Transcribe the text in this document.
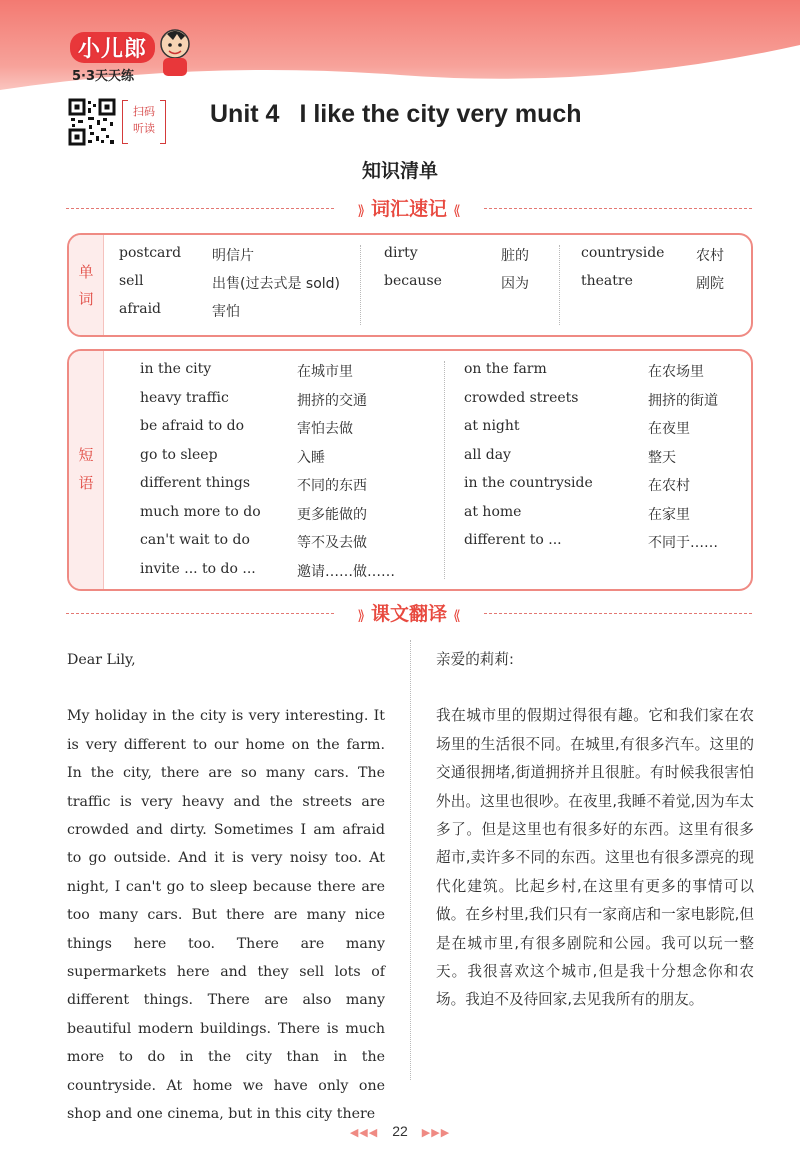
小儿郎
5·3天天练
扫码
听读
Unit 4 I like the city very much
知识清单
⟫ 词汇速记 ⟪
单
词
postcard 明信片
sell	出售(过去式是 sold)
afraid	害怕
dirty	脏的
because	因为
countryside 农村
theatre	剧院
短
语
in the city	在城市里
heavy traffic	拥挤的交通
be afraid to do	害怕去做
go to sleep	入睡
different things	不同的东西
much more to do	更多能做的
can't wait to do	等不及去做
invite ... to do ...	邀请……做……
on the farm	在农场里
crowded streets	拥挤的街道
at night	在夜里
all day	整天
in the countryside	在农村
at home	在家里
different to ...	不同于……
⟫ 课文翻译 ⟪
Dear Lily,
My holiday in the city is very interesting. It is very different to our home on the farm. In the city, there are so many cars. The traffic is very heavy and the streets are crowded and dirty. Sometimes I am afraid to go outside. And it is very noisy too. At night, I can't go to sleep because there are too many cars. But there are many nice things here too. There are many supermarkets here and they sell lots of different things. There are also many beautiful modern buildings. There is much more to do in the city than in the countryside. At home we have only one shop and one cinema, but in this city there
亲爱的莉莉:
我在城市里的假期过得很有趣。它和我们家在农场里的生活很不同。在城里,有很多汽车。这里的交通很拥堵,街道拥挤并且很脏。有时候我很害怕外出。这里也很吵。在夜里,我睡不着觉,因为车太多了。但是这里也有很多好的东西。这里有很多超市,卖许多不同的东西。这里也有很多漂亮的现代化建筑。比起乡村,在这里有更多的事情可以做。在乡村里,我们只有一家商店和一家电影院,但是在城市里,有很多剧院和公园。我可以玩一整天。我很喜欢这个城市,但是我十分想念你和农场。我迫不及待回家,去见我所有的朋友。
◀◀◀ 22 ▶▶▶
